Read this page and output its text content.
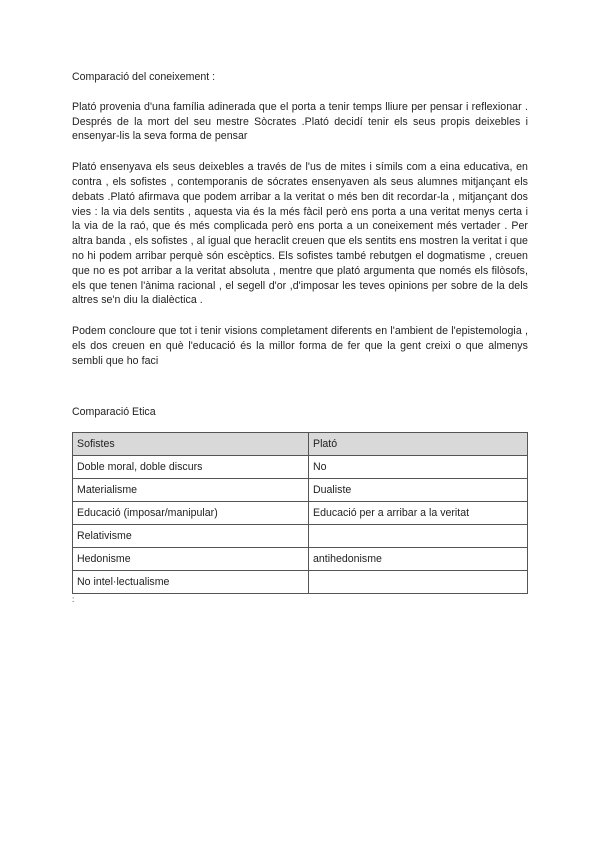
Comparació del coneixement :

Plató provenia d'una família adinerada que el porta a tenir temps lliure per pensar i reflexionar . Després de la mort del seu mestre Sòcrates .Plató decidí tenir els seus propis deixebles i ensenyar-lis la seva forma de pensar

Plató ensenyava els seus deixebles a través de l'us de mites i símils com a eina educativa, en contra , els sofistes , contemporanis de sócrates ensenyaven als seus alumnes mitjançant els debats .Plató afirmava que podem arribar a la veritat o més ben dit recordar-la , mitjançant dos vies : la via dels sentits , aquesta via és la més fàcil però ens porta a una veritat menys certa i la via de la raó, que és més complicada però ens porta a un coneixement més vertader . Per altra banda , els sofistes , al igual que heraclit creuen que els sentits ens mostren la veritat i que no hi podem arribar perquè són escèptics. Els sofistes també rebutgen el dogmatisme , creuen que no es pot arribar a la veritat absoluta , mentre que plató argumenta que només els filòsofs, els que tenen l'ànima racional , el segell d'or ,d'imposar les teves opinions per sobre de la dels altres se'n diu la dialèctica .

Podem concloure que tot i tenir visions completament diferents en l'ambient de l'epistemologia , els dos creuen en què l'educació és la millor forma de fer que la gent creixi o que almenys sembli que ho faci

Comparació Etica

Sofistes	Plató
Doble moral, doble discurs	No
Materialisme	Dualiste
Educació (imposar/manipular)	Educació per a arribar a la veritat
Relativisme	
Hedonisme	antihedonisme
No intel·lectualisme	
:
